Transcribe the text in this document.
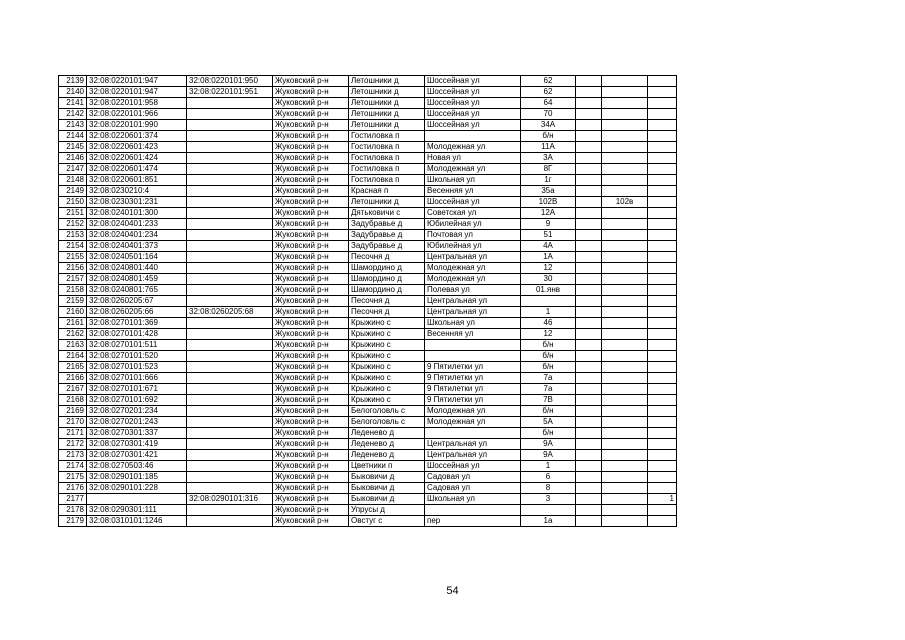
2139	32:08:0220101:947	32:08:0220101:950	Жуковский р-н	Летошники д	Шоссейная ул	62			
2140	32:08:0220101:947	32:08:0220101:951	Жуковский р-н	Летошники д	Шоссейная ул	62			
2141	32:08:0220101:958		Жуковский р-н	Летошники д	Шоссейная ул	64			
2142	32:08:0220101:966		Жуковский р-н	Летошники д	Шоссейная ул	70			
2143	32:08:0220101:990		Жуковский р-н	Летошники д	Шоссейная ул	34А			
2144	32:08:0220601:374		Жуковский р-н	Гостиловка п		б/н			
2145	32:08:0220601:423		Жуковский р-н	Гостиловка п	Молодежная ул	11А			
2146	32:08:0220601:424		Жуковский р-н	Гостиловка п	Новая ул	3А			
2147	32:08:0220601:474		Жуковский р-н	Гостиловка п	Молодежная ул	8Г			
2148	32:08:0220601:851		Жуковский р-н	Гостиловка п	Школьная ул	1г			
2149	32:08:0230210:4		Жуковский р-н	Красная п	Весенняя ул	35а			
2150	32:08:0230301:231		Жуковский р-н	Летошники д	Шоссейная ул	102В		102в	
2151	32:08:0240101:300		Жуковский р-н	Дятьковичи с	Советская ул	12А			
2152	32:08:0240401:233		Жуковский р-н	Задубравье д	Юбилейная ул	9			
2153	32:08:0240401:234		Жуковский р-н	Задубравье д	Почтовая ул	51			
2154	32:08:0240401:373		Жуковский р-н	Задубравье д	Юбилейная ул	4А			
2155	32:08:0240501:164		Жуковский р-н	Песочня д	Центральная ул	1А			
2156	32:08:0240801:440		Жуковский р-н	Шамордино д	Молодежная ул	12			
2157	32:08:0240801:459		Жуковский р-н	Шамордино д	Молодежная ул	30			
2158	32:08:0240801:765		Жуковский р-н	Шамордино д	Полевая ул	01.янв			
2159	32:08:0260205:67		Жуковский р-н	Песочня д	Центральная ул				
2160	32:08:0260205:66	32:08:0260205:68	Жуковский р-н	Песочня д	Центральная ул	1			
2161	32:08:0270101:369		Жуковский р-н	Крыжино с	Школьная ул	46			
2162	32:08:0270101:428		Жуковский р-н	Крыжино с	Весенняя ул	12			
2163	32:08:0270101:511		Жуковский р-н	Крыжино с		б/н			
2164	32:08:0270101:520		Жуковский р-н	Крыжино с		б/н			
2165	32:08:0270101:523		Жуковский р-н	Крыжино с	9 Пятилетки ул	б/н			
2166	32:08:0270101:666		Жуковский р-н	Крыжино с	9 Пятилетки ул	7а			
2167	32:08:0270101:671		Жуковский р-н	Крыжино с	9 Пятилетки ул	7а			
2168	32:08:0270101:692		Жуковский р-н	Крыжино с	9 Пятилетки ул	7В			
2169	32:08:0270201:234		Жуковский р-н	Белоголовль с	Молодежная ул	б/н			
2170	32:08:0270201:243		Жуковский р-н	Белоголовль с	Молодежная ул	5А			
2171	32:08:0270301:337		Жуковский р-н	Леденево д		б/н			
2172	32:08:0270301:419		Жуковский р-н	Леденево д	Центральная ул	9А			
2173	32:08:0270301:421		Жуковский р-н	Леденево д	Центральная ул	9А			
2174	32:08:0270503:46		Жуковский р-н	Цветники п	Шоссейная ул	1			
2175	32:08:0290101:185		Жуковский р-н	Быковичи д	Садовая ул	6			
2176	32:08:0290101:228		Жуковский р-н	Быковичи д	Садовая ул	8			
2177		32:08:0290101:316	Жуковский р-н	Быковичи д	Школьная ул	3			1
2178	32:08:0290301:111		Жуковский р-н	Упрусы д					
2179	32:08:0310101:1246		Жуковский р-н	Овстуг с	пер	1а			
54
